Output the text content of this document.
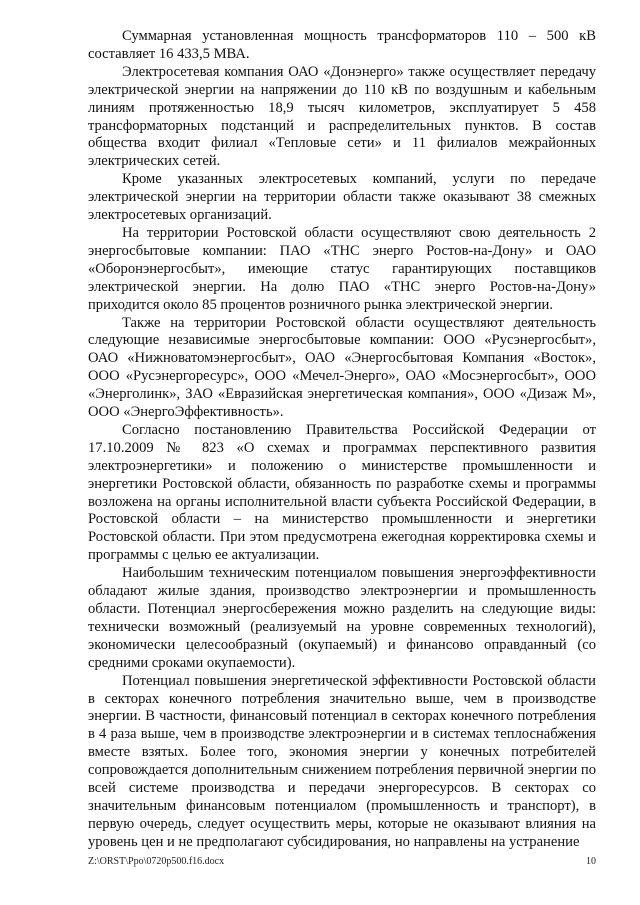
Суммарная установленная мощность трансформаторов 110 – 500 кВ составляет 16 433,5 МВА.

Электросетевая компания ОАО «Донэнерго» также осуществляет передачу электрической энергии на напряжении до 110 кВ по воздушным и кабельным линиям протяженностью 18,9 тысяч километров, эксплуатирует 5 458 трансформаторных подстанций и распределительных пунктов. В состав общества входит филиал «Тепловые сети» и 11 филиалов межрайонных электрических сетей.

Кроме указанных электросетевых компаний, услуги по передаче электрической энергии на территории области также оказывают 38 смежных электросетевых организаций.

На территории Ростовской области осуществляют свою деятельность 2 энергосбытовые компании: ПАО «ТНС энерго Ростов-на-Дону» и ОАО «Оборонэнергосбыт», имеющие статус гарантирующих поставщиков электрической энергии. На долю ПАО «ТНС энерго Ростов-на-Дону» приходится около 85 процентов розничного рынка электрической энергии.

Также на территории Ростовской области осуществляют деятельность следующие независимые энергосбытовые компании: ООО «Русэнергосбыт», ОАО «Нижноватомэнергосбыт», ОАО «Энергосбытовая Компания «Восток», ООО «Русэнергоресурс», ООО «Мечел-Энерго», ОАО «Мосэнергосбыт», ООО «Энерголинк», ЗАО «Евразийская энергетическая компания», ООО «Дизаж М», ООО «ЭнергоЭффективность».

Согласно постановлению Правительства Российской Федерации от 17.10.2009 № 823 «О схемах и программах перспективного развития электроэнергетики» и положению о министерстве промышленности и энергетики Ростовской области, обязанность по разработке схемы и программы возложена на органы исполнительной власти субъекта Российской Федерации, в Ростовской области – на министерство промышленности и энергетики Ростовской области. При этом предусмотрена ежегодная корректировка схемы и программы с целью ее актуализации.

Наибольшим техническим потенциалом повышения энергоэффективности обладают жилые здания, производство электроэнергии и промышленность области. Потенциал энергосбережения можно разделить на следующие виды: технически возможный (реализуемый на уровне современных технологий), экономически целесообразный (окупаемый) и финансово оправданный (со средними сроками окупаемости).

Потенциал повышения энергетической эффективности Ростовской области в секторах конечного потребления значительно выше, чем в производстве энергии. В частности, финансовый потенциал в секторах конечного потребления в 4 раза выше, чем в производстве электроэнергии и в системах теплоснабжения вместе взятых. Более того, экономия энергии у конечных потребителей сопровождается дополнительным снижением потребления первичной энергии по всей системе производства и передачи энергоресурсов. В секторах со значительным финансовым потенциалом (промышленность и транспорт), в первую очередь, следует осуществить меры, которые не оказывают влияния на уровень цен и не предполагают субсидирования, но направлены на устранение

Z:\ORST\Ppo\0720p500.f16.docx	10
